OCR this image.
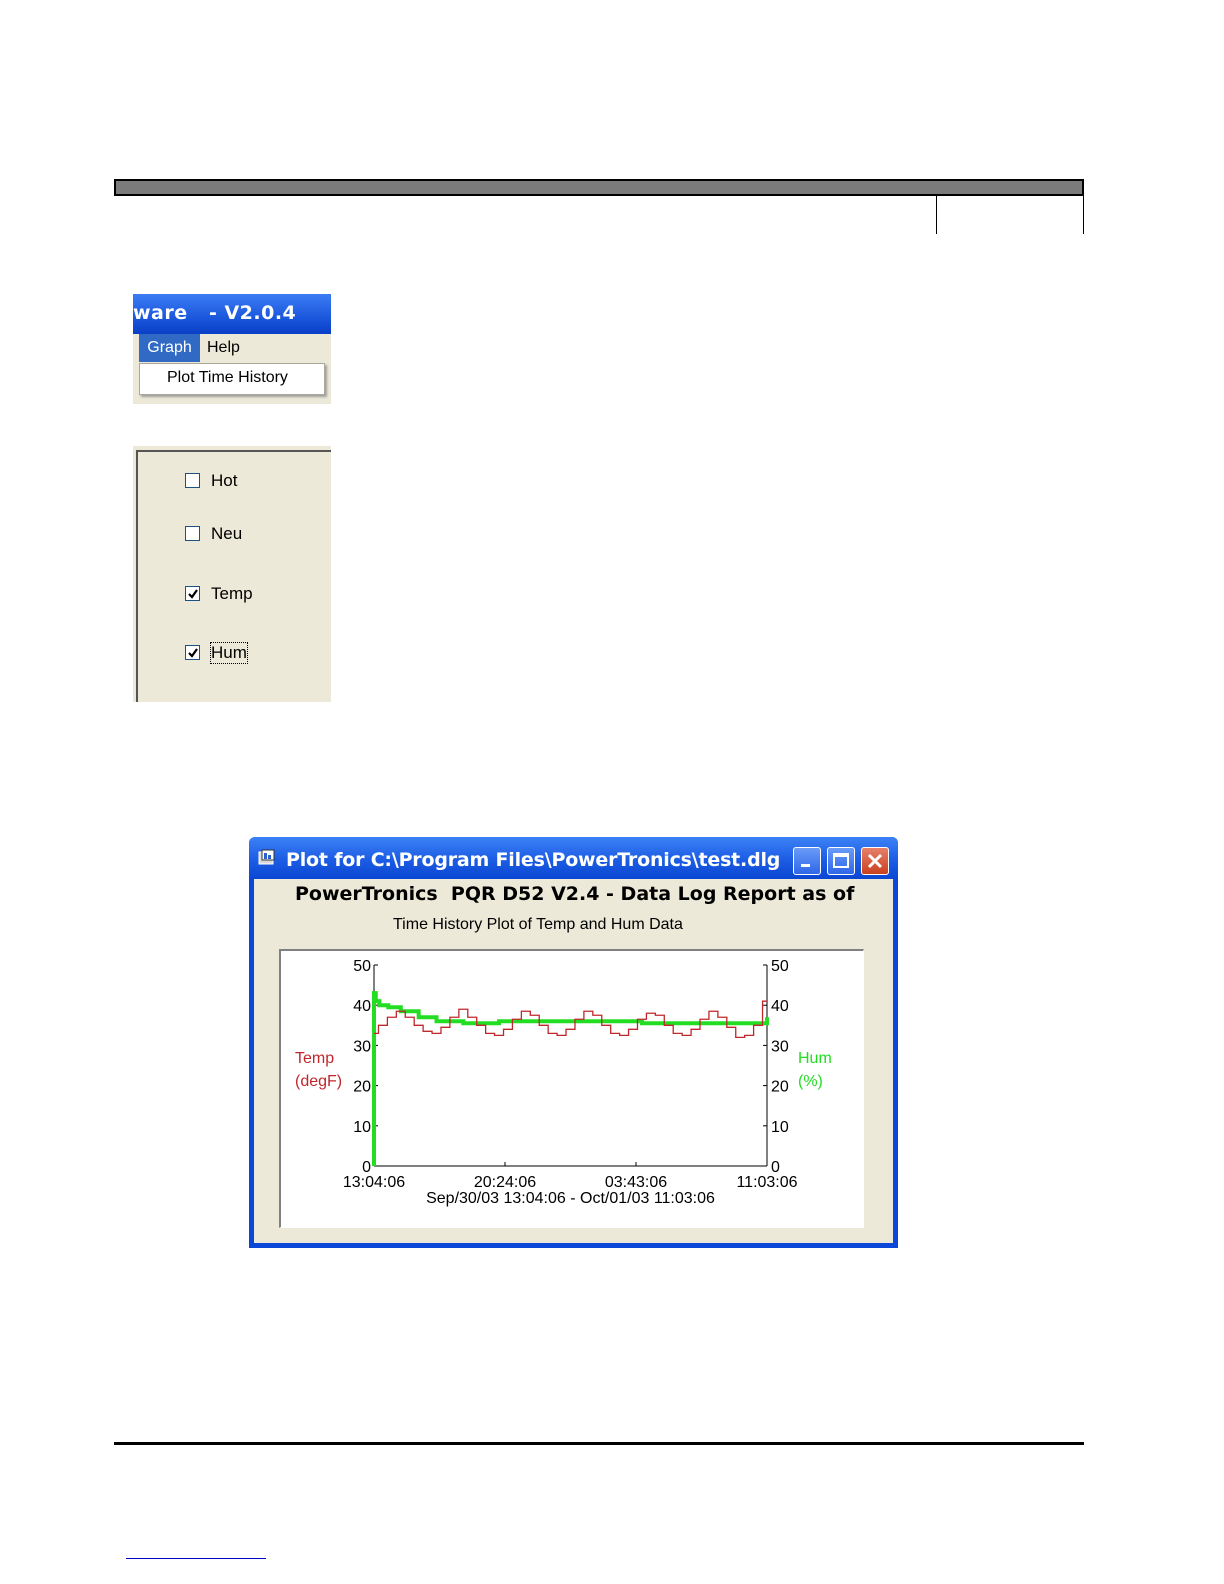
ware   - V2.0.4
Graph Help
Plot Time History
Hot
Neu
Temp
Hum
Plot for C:\Program Files\PowerTronics\test.dlg
PowerTronics  PQR D52 V2.4 - Data Log Report as of
Time History Plot of Temp and Hum Data
50
40
30
20
10
0
50
40
30
20
10
0
13:04:06	20:24:06	03:43:06	11:03:06
Sep/30/03 13:04:06 - Oct/01/03 11:03:06
Temp
(degF)
Hum
(%)
